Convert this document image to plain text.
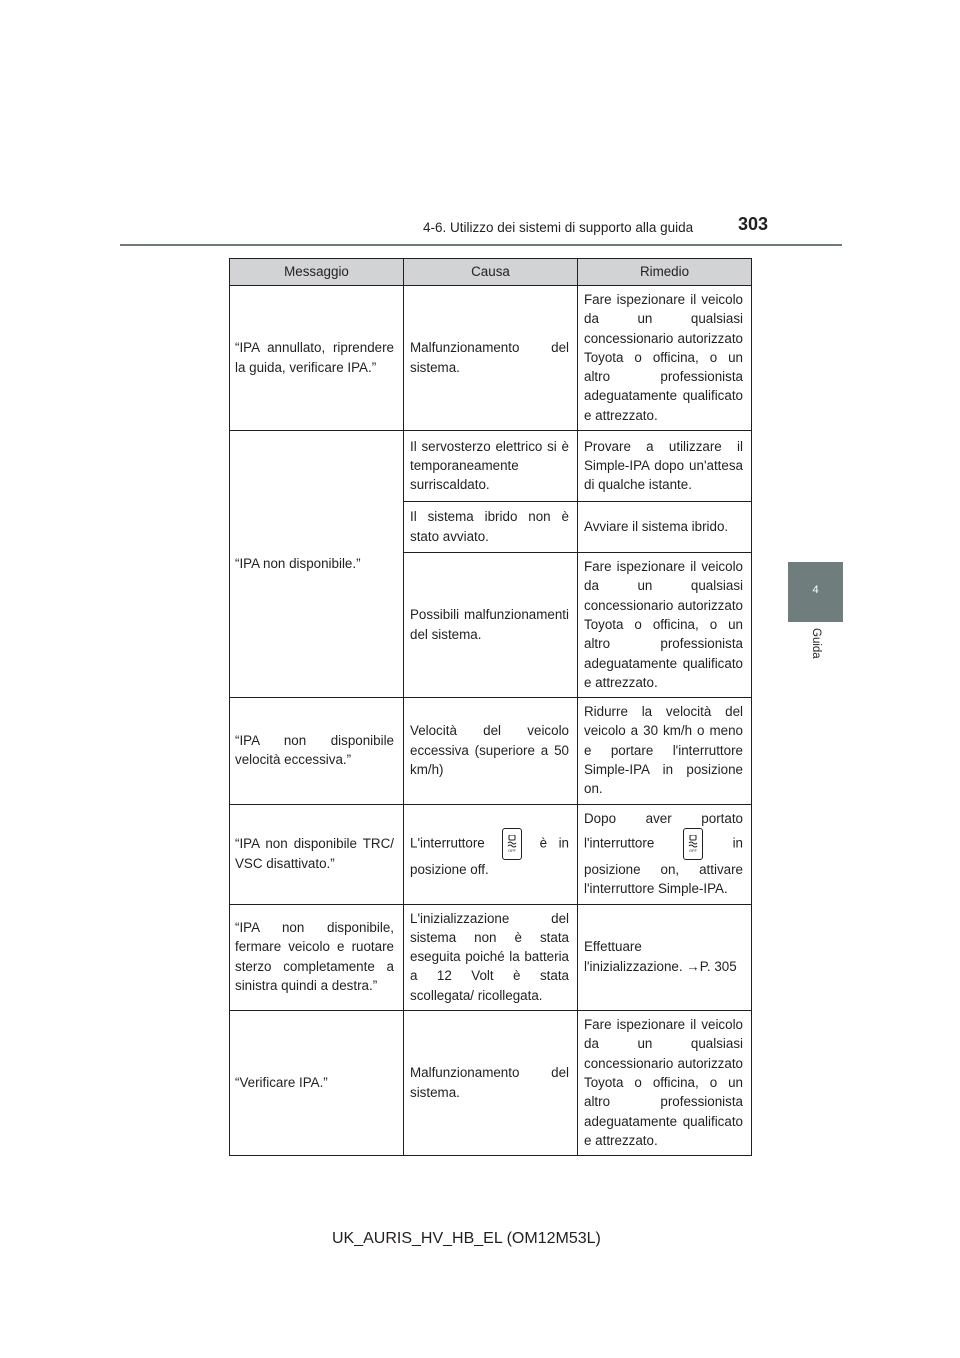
4-6. Utilizzo dei sistemi di supporto alla guida 303
4
Guida
Messaggio	Causa	Rimedio
“IPA annullato, riprendere la guida, verificare IPA.”	Malfunzionamento del sistema.	Fare ispezionare il veicolo da un qualsiasi concessionario autorizzato Toyota o officina, o un altro professionista adeguatamente qualificato e attrezzato.
“IPA non disponibile.”	Il servosterzo elettrico si è temporaneamente surriscaldato.	Provare a utilizzare il Simple-IPA dopo un'attesa di qualche istante.
	Il sistema ibrido non è stato avviato.	Avviare il sistema ibrido.
	Possibili malfunzionamenti del sistema.	Fare ispezionare il veicolo da un qualsiasi concessionario autorizzato Toyota o officina, o un altro professionista adeguatamente qualificato e attrezzato.
“IPA non disponibile velocità eccessiva.”	Velocità del veicolo eccessiva (superiore a 50 km/h)	Ridurre la velocità del veicolo a 30 km/h o meno e portare l'interruttore Simple-IPA in posizione on.
“IPA non disponibile TRC/ VSC disattivato.”	L'interruttore OFF è in posizione off.	Dopo aver portato l'interruttore OFF in posizione on, attivare l'interruttore Simple-IPA.
“IPA non disponibile, fermare veicolo e ruotare sterzo completamente a sinistra quindi a destra.”	L'inizializzazione del sistema non è stata eseguita poiché la batteria a 12 Volt è stata scollegata/ ricollegata.	Effettuare l'inizializzazione. →P. 305
“Verificare IPA.”	Malfunzionamento del sistema.	Fare ispezionare il veicolo da un qualsiasi concessionario autorizzato Toyota o officina, o un altro professionista adeguatamente qualificato e attrezzato.
UK_AURIS_HV_HB_EL (OM12M53L)
